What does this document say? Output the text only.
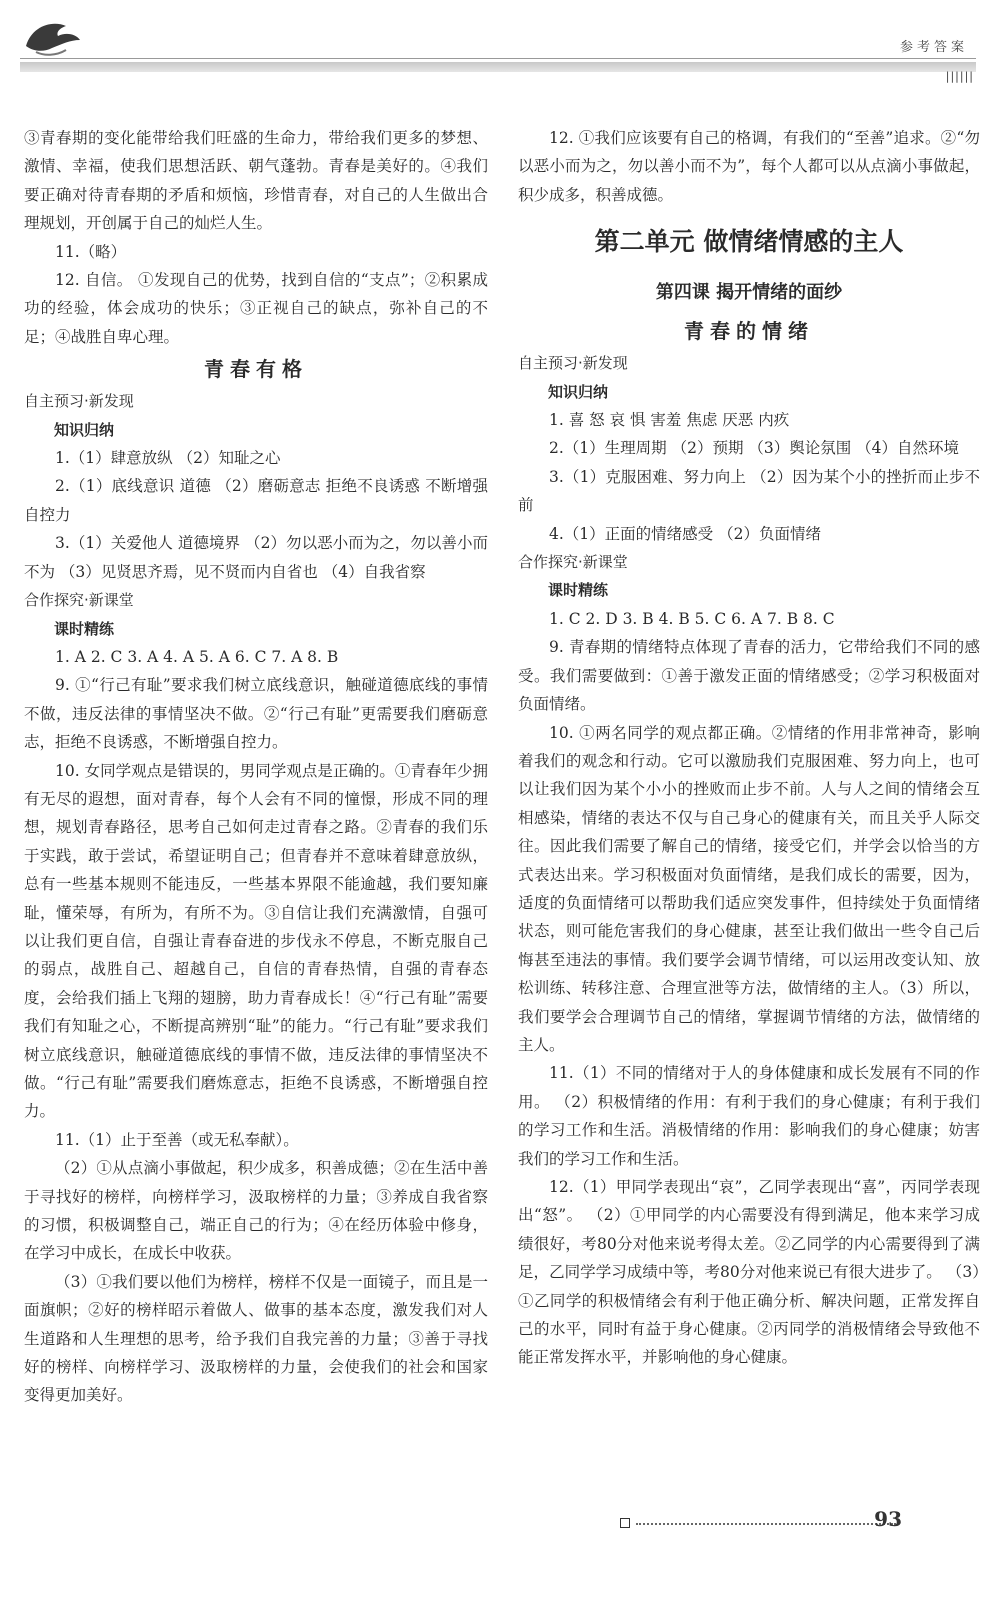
参考答案
||||||
③青春期的变化能带给我们旺盛的生命力，带给我们更多的梦想、激情、幸福，使我们思想活跃、朝气蓬勃。青春是美好的。④我们要正确对待青春期的矛盾和烦恼，珍惜青春，对自己的人生做出合理规划，开创属于自己的灿烂人生。
11.（略）
12. 自信。 ①发现自己的优势，找到自信的“支点”；②积累成功的经验，体会成功的快乐；③正视自己的缺点，弥补自己的不足；④战胜自卑心理。
青春有格
自主预习·新发现
知识归纳
1.（1）肆意放纵 （2）知耻之心
2.（1）底线意识 道德 （2）磨砺意志 拒绝不良诱惑 不断增强自控力
3.（1）关爱他人 道德境界 （2）勿以恶小而为之，勿以善小而不为 （3）见贤思齐焉，见不贤而内自省也 （4）自我省察
合作探究·新课堂
课时精练
1. A 2. C 3. A 4. A 5. A 6. C 7. A 8. B
9. ①“行己有耻”要求我们树立底线意识，触碰道德底线的事情不做，违反法律的事情坚决不做。②“行己有耻”更需要我们磨砺意志，拒绝不良诱惑，不断增强自控力。
10. 女同学观点是错误的，男同学观点是正确的。①青春年少拥有无尽的遐想，面对青春，每个人会有不同的憧憬，形成不同的理想，规划青春路径，思考自己如何走过青春之路。②青春的我们乐于实践，敢于尝试，希望证明自己；但青春并不意味着肆意放纵，总有一些基本规则不能违反，一些基本界限不能逾越，我们要知廉耻，懂荣辱，有所为，有所不为。③自信让我们充满激情，自强可以让我们更自信，自强让青春奋进的步伐永不停息，不断克服自己的弱点，战胜自己、超越自己，自信的青春热情，自强的青春态度，会给我们插上飞翔的翅膀，助力青春成长！④“行己有耻”需要我们有知耻之心，不断提高辨别“耻”的能力。“行己有耻”要求我们树立底线意识，触碰道德底线的事情不做，违反法律的事情坚决不做。“行己有耻”需要我们磨炼意志，拒绝不良诱惑，不断增强自控力。
11.（1）止于至善（或无私奉献）。
（2）①从点滴小事做起，积少成多，积善成德；②在生活中善于寻找好的榜样，向榜样学习，汲取榜样的力量；③养成自我省察的习惯，积极调整自己，端正自己的行为；④在经历体验中修身，在学习中成长，在成长中收获。
（3）①我们要以他们为榜样，榜样不仅是一面镜子，而且是一面旗帜；②好的榜样昭示着做人、做事的基本态度，激发我们对人生道路和人生理想的思考，给予我们自我完善的力量；③善于寻找好的榜样、向榜样学习、汲取榜样的力量，会使我们的社会和国家变得更加美好。
12. ①我们应该要有自己的格调，有我们的“至善”追求。②“勿以恶小而为之，勿以善小而不为”，每个人都可以从点滴小事做起，积少成多，积善成德。
第二单元 做情绪情感的主人
第四课 揭开情绪的面纱
青春的情绪
自主预习·新发现
知识归纳
1. 喜 怒 哀 惧 害羞 焦虑 厌恶 内疚
2.（1）生理周期 （2）预期 （3）舆论氛围 （4）自然环境
3.（1）克服困难、努力向上 （2）因为某个小的挫折而止步不前
4.（1）正面的情绪感受 （2）负面情绪
合作探究·新课堂
课时精练
1. C 2. D 3. B 4. B 5. C 6. A 7. B 8. C
9. 青春期的情绪特点体现了青春的活力，它带给我们不同的感受。我们需要做到：①善于激发正面的情绪感受；②学习积极面对负面情绪。
10. ①两名同学的观点都正确。②情绪的作用非常神奇，影响着我们的观念和行动。它可以激励我们克服困难、努力向上，也可以让我们因为某个小小的挫败而止步不前。人与人之间的情绪会互相感染，情绪的表达不仅与自己身心的健康有关，而且关乎人际交往。因此我们需要了解自己的情绪，接受它们，并学会以恰当的方式表达出来。学习积极面对负面情绪，是我们成长的需要，因为，适度的负面情绪可以帮助我们适应突发事件，但持续处于负面情绪状态，则可能危害我们的身心健康，甚至让我们做出一些令自己后悔甚至违法的事情。我们要学会调节情绪，可以运用改变认知、放松训练、转移注意、合理宣泄等方法，做情绪的主人。（3）所以，我们要学会合理调节自己的情绪，掌握调节情绪的方法，做情绪的主人。
11.（1）不同的情绪对于人的身体健康和成长发展有不同的作用。 （2）积极情绪的作用：有利于我们的身心健康；有利于我们的学习工作和生活。消极情绪的作用：影响我们的身心健康；妨害我们的学习工作和生活。
12.（1）甲同学表现出“哀”，乙同学表现出“喜”，丙同学表现出“怒”。 （2）①甲同学的内心需要没有得到满足，他本来学习成绩很好，考80分对他来说考得太差。②乙同学的内心需要得到了满足，乙同学学习成绩中等，考80分对他来说已有很大进步了。 （3）①乙同学的积极情绪会有利于他正确分析、解决问题，正常发挥自己的水平，同时有益于身心健康。②丙同学的消极情绪会导致他不能正常发挥水平，并影响他的身心健康。
93
